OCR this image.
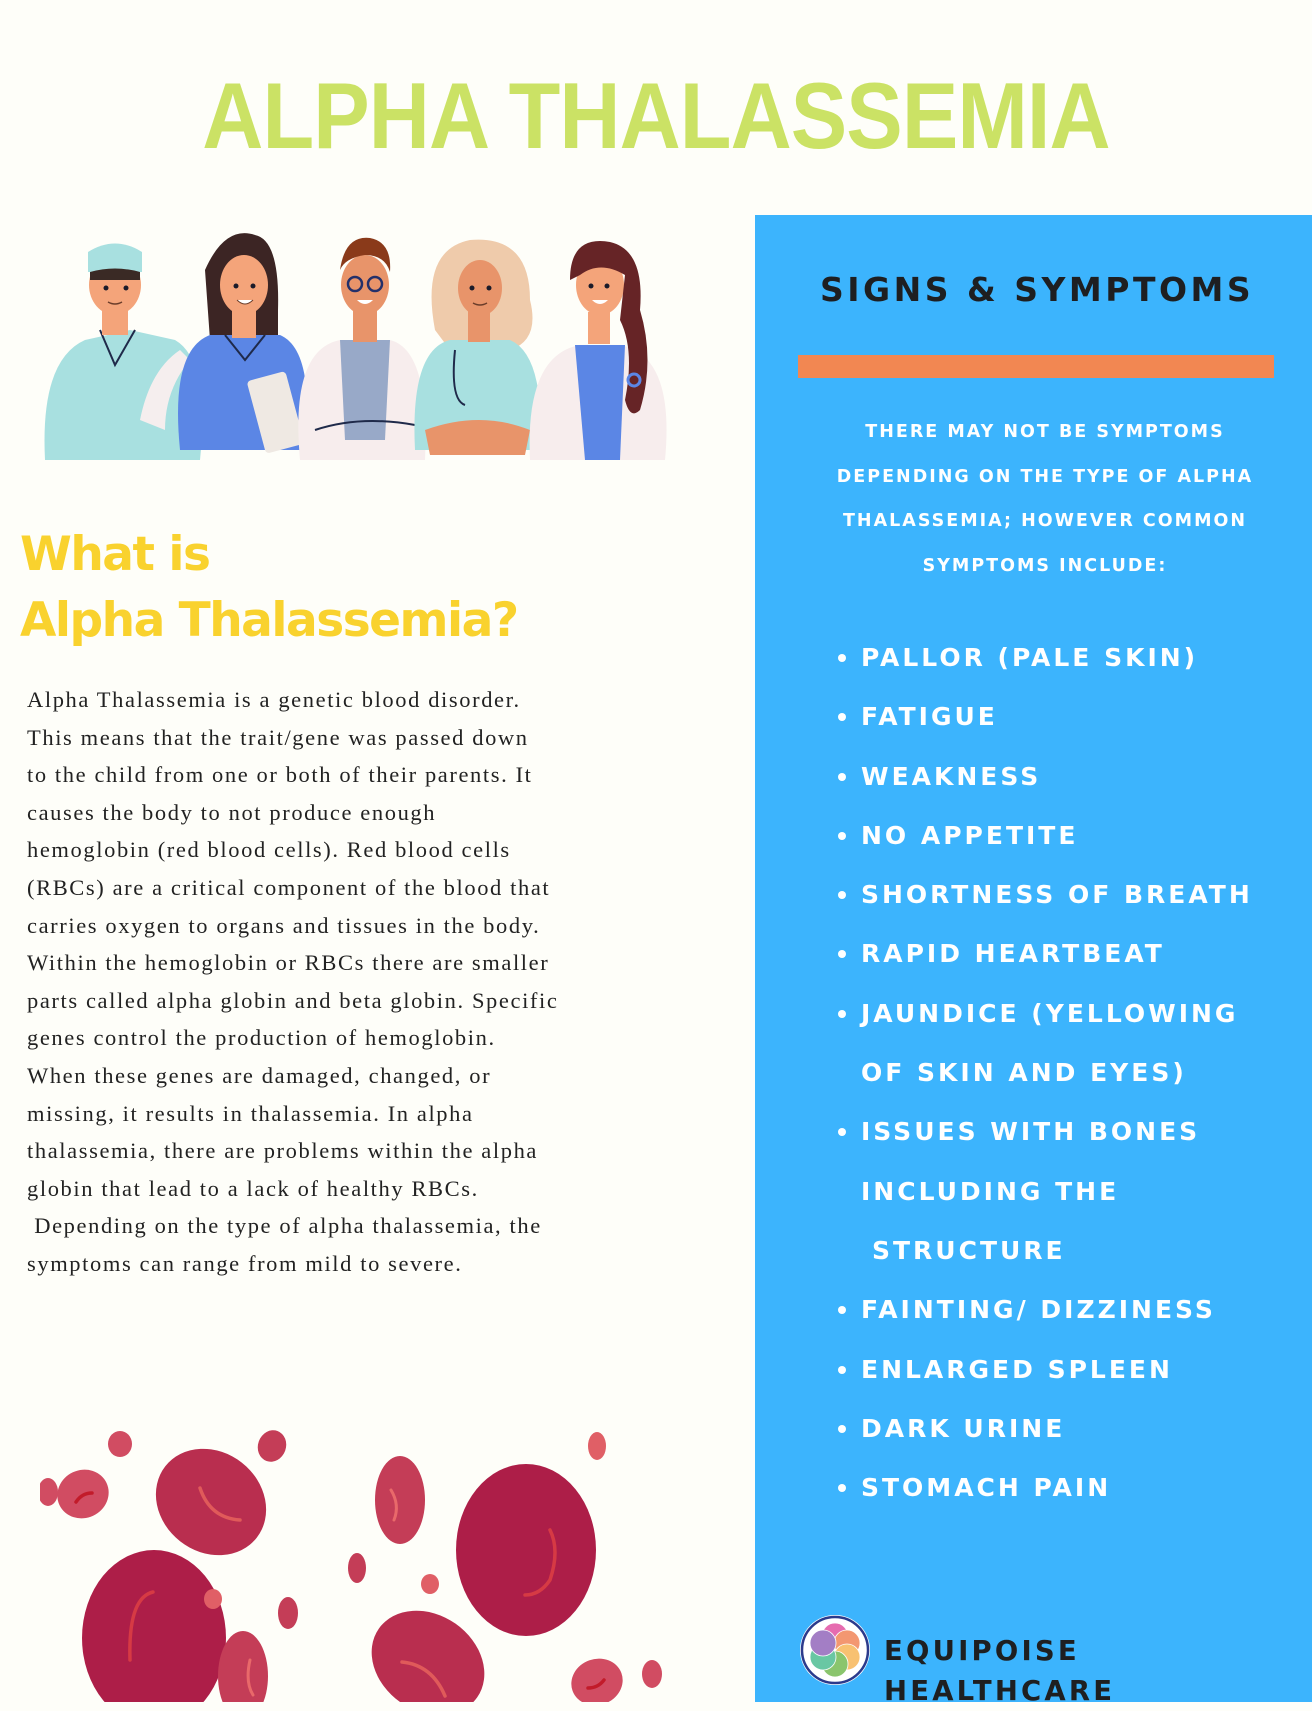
ALPHA THALASSEMIA
What is
Alpha Thalassemia?

Alpha Thalassemia is a genetic blood disorder.
This means that the trait/gene was passed down
to the child from one or both of their parents. It
causes the body to not produce enough
hemoglobin (red blood cells). Red blood cells
(RBCs) are a critical component of the blood that
carries oxygen to organs and tissues in the body.
Within the hemoglobin or RBCs there are smaller
parts called alpha globin and beta globin. Specific
genes control the production of hemoglobin.
When these genes are damaged, changed, or
missing, it results in thalassemia. In alpha
thalassemia, there are problems within the alpha
globin that lead to a lack of healthy RBCs.
Depending on the type of alpha thalassemia, the
symptoms can range from mild to severe.

SIGNS & SYMPTOMS

THERE MAY NOT BE SYMPTOMS
DEPENDING ON THE TYPE OF ALPHA
THALASSEMIA; HOWEVER COMMON
SYMPTOMS INCLUDE:

PALLOR (PALE SKIN)
FATIGUE
WEAKNESS
NO APPETITE
SHORTNESS OF BREATH
RAPID HEARTBEAT
JAUNDICE (YELLOWING
OF SKIN AND EYES)
ISSUES WITH BONES
INCLUDING THE
STRUCTURE
FAINTING/ DIZZINESS
ENLARGED SPLEEN
DARK URINE
STOMACH PAIN
EQUIPOISE HEALTHCARE
